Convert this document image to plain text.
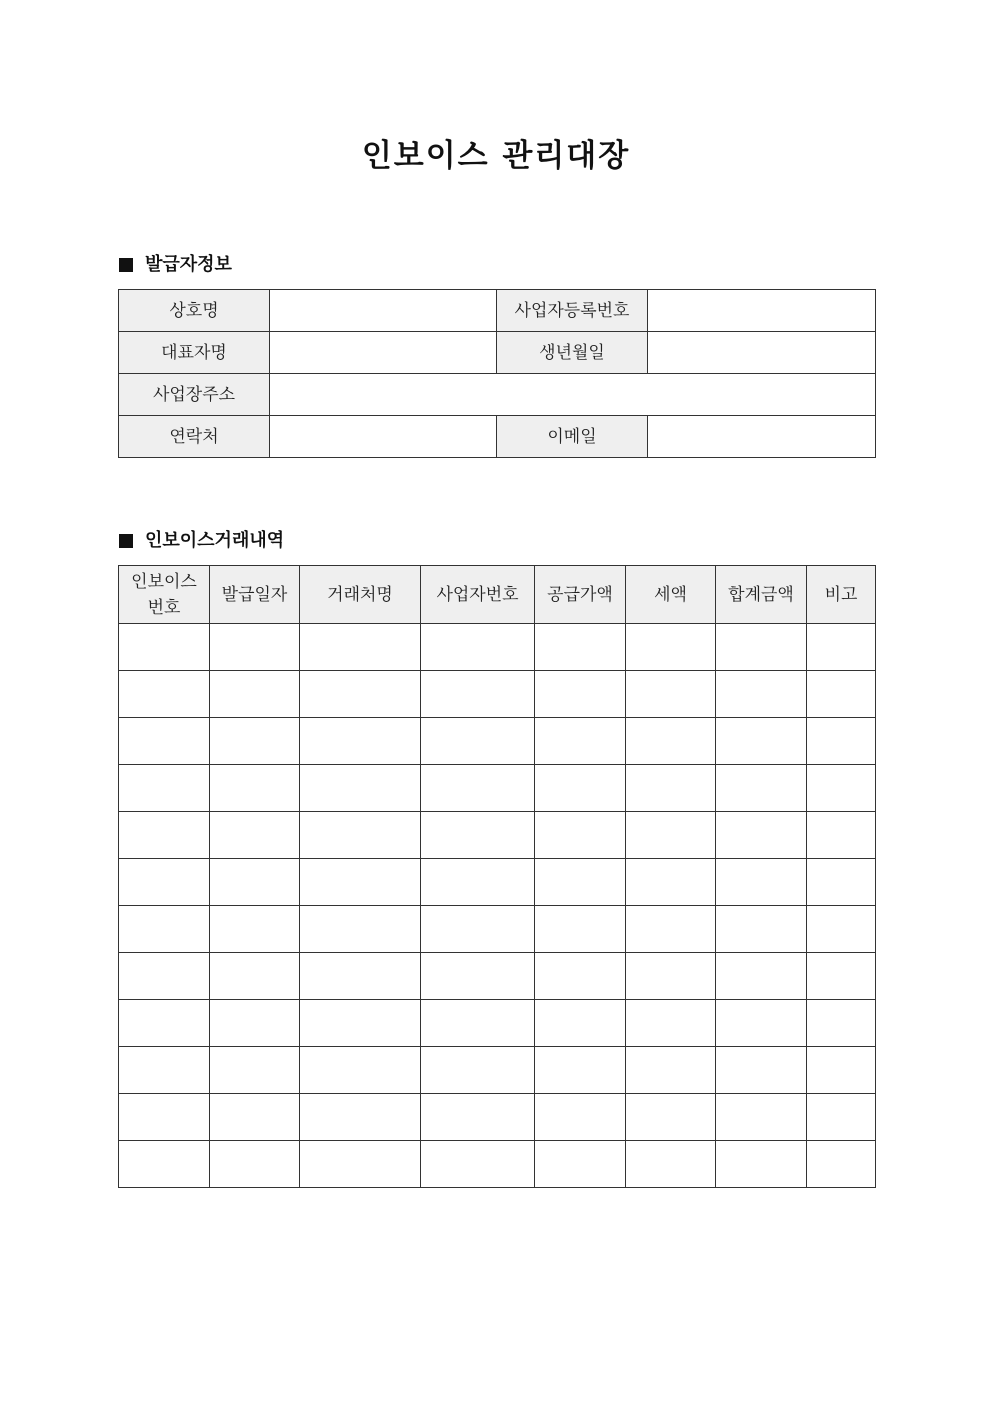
인보이스 관리대장
발급자정보
상호명		사업자등록번호	
대표자명		생년월일	
사업장주소			
연락처		이메일	
인보이스거래내역
인보이스
번호	발급일자	거래처명	사업자번호	공급가액	세액	합계금액	비고
